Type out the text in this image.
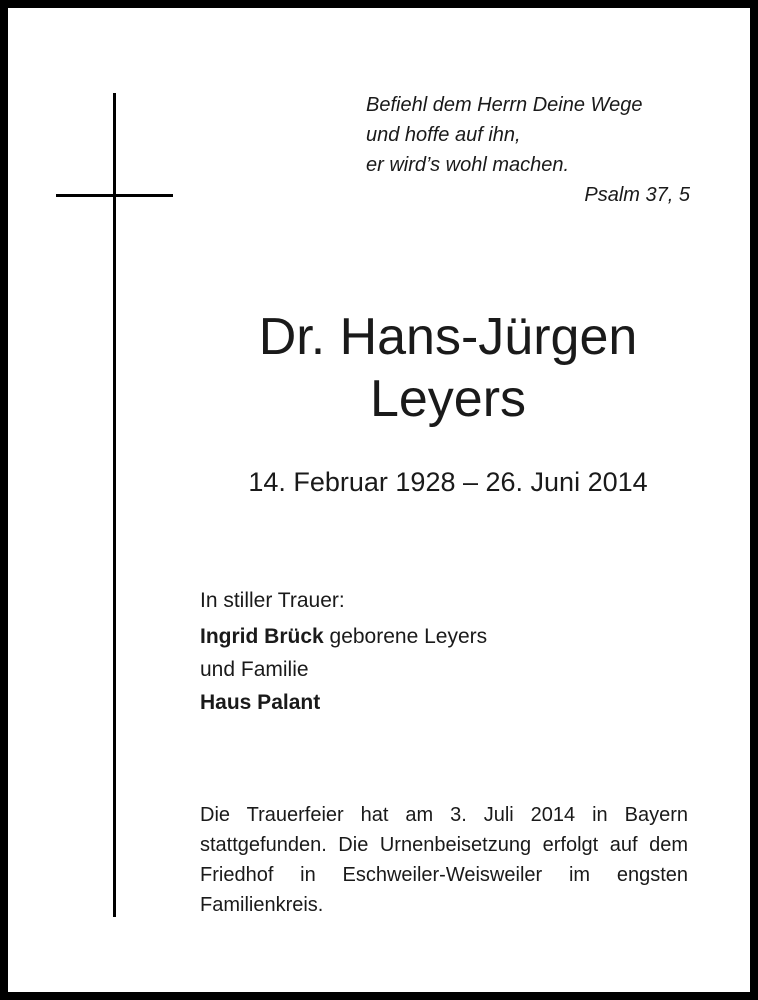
Befiehl dem Herrn Deine Wege
und hoffe auf ihn,
er wird’s wohl machen.
Psalm 37, 5
Dr. Hans-Jürgen
Leyers
14. Februar 1928 – 26. Juni 2014
In stiller Trauer:
Ingrid Brück geborene Leyers
und Familie
Haus Palant
Die Trauerfeier hat am 3. Juli 2014 in Bayern stattgefunden. Die Urnenbeisetzung erfolgt auf dem Friedhof in Eschweiler-Weisweiler im engsten Familienkreis.
